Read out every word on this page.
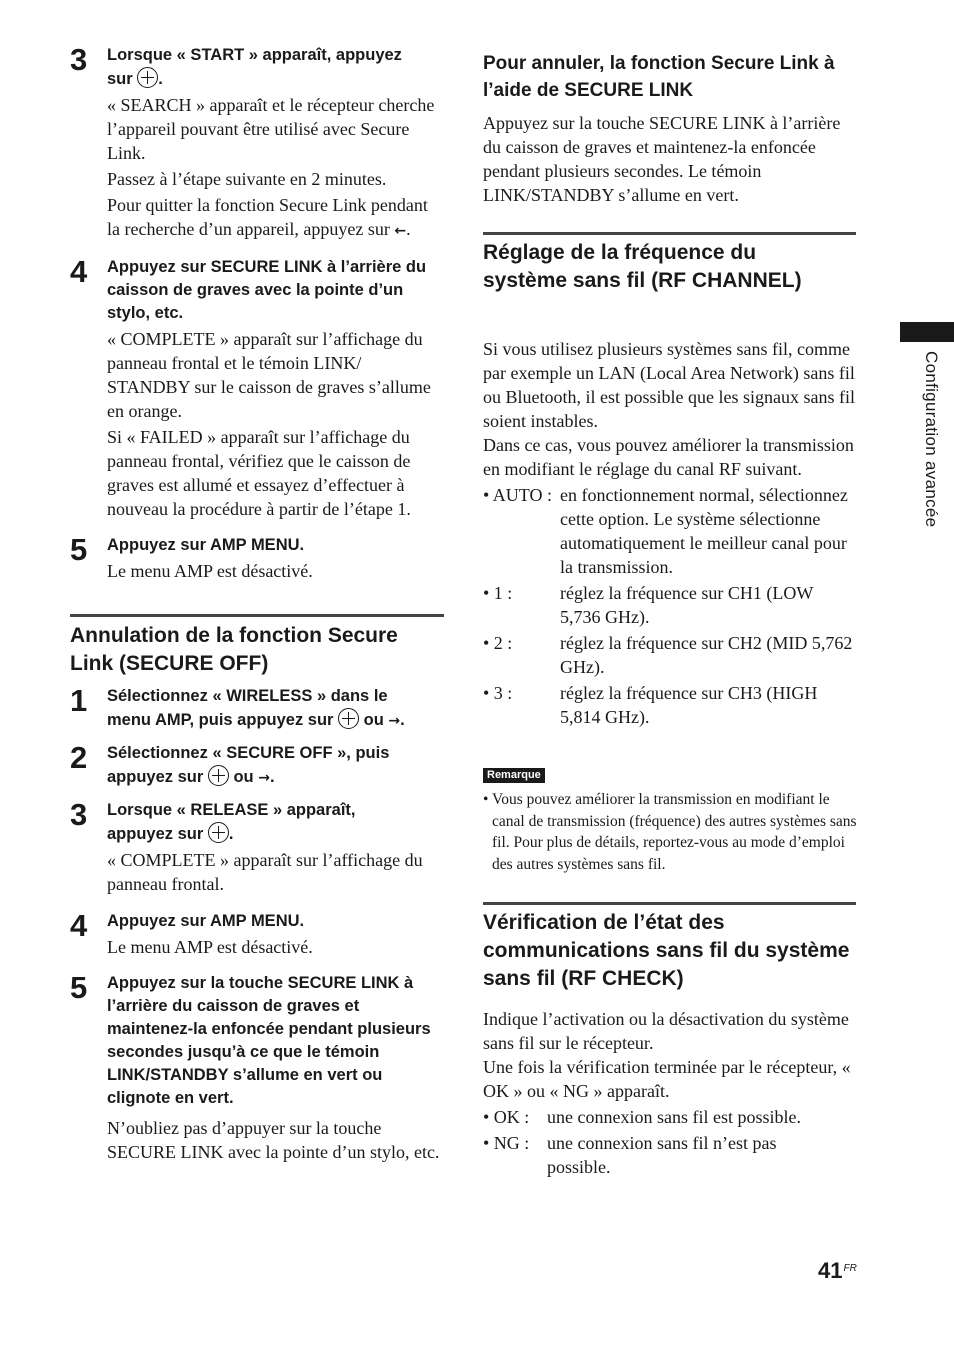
3 Lorsque « START » apparaît, appuyez
sur .

« SEARCH » apparaît et le récepteur cherche l’appareil pouvant être utilisé avec Secure Link.

Passez à l’étape suivante en 2 minutes.

Pour quitter la fonction Secure Link pendant la recherche d’un appareil, appuyez sur ←.

4 Appuyez sur SECURE LINK à l’arrière du caisson de graves avec la pointe d’un stylo, etc.

« COMPLETE » apparaît sur l’affichage du panneau frontal et le témoin LINK/ STANDBY sur le caisson de graves s’allume en orange.

Si « FAILED » apparaît sur l’affichage du panneau frontal, vérifiez que le caisson de graves est allumé et essayez d’effectuer à nouveau la procédure à partir de l’étape 1.

5 Appuyez sur AMP MENU.

Le menu AMP est désactivé.

Annulation de la fonction Secure Link (SECURE OFF)
1 Sélectionnez « WIRELESS » dans le
menu AMP, puis appuyez sur ou →.

2 Sélectionnez « SECURE OFF », puis
appuyez sur ou →.

3 Lorsque « RELEASE » apparaît,
appuyez sur .

« COMPLETE » apparaît sur l’affichage du panneau frontal.

4 Appuyez sur AMP MENU.

Le menu AMP est désactivé.

5 Appuyez sur la touche SECURE LINK à l’arrière du caisson de graves et maintenez-la enfoncée pendant plusieurs secondes jusqu’à ce que le témoin LINK/STANDBY s’allume en vert ou clignote en vert.

N’oubliez pas d’appuyer sur la touche SECURE LINK avec la pointe d’un stylo, etc.

Pour annuler, la fonction Secure Link à l’aide de SECURE LINK

Appuyez sur la touche SECURE LINK à l’arrière du caisson de graves et maintenez-la enfoncée pendant plusieurs secondes. Le témoin LINK/STANDBY s’allume en vert.

Réglage de la fréquence du système sans fil (RF CHANNEL)

Si vous utilisez plusieurs systèmes sans fil, comme par exemple un LAN (Local Area Network) sans fil ou Bluetooth, il est possible que les signaux sans fil soient instables.

Dans ce cas, vous pouvez améliorer la transmission en modifiant le réglage du canal RF suivant.

• AUTO : en fonctionnement normal, sélectionnez cette option. Le système sélectionne automatiquement le meilleur canal pour la transmission.
• 1 :	réglez la fréquence sur CH1 (LOW 5,736 GHz).
• 2 :	réglez la fréquence sur CH2 (MID 5,762 GHz).
• 3 :	réglez la fréquence sur CH3 (HIGH 5,814 GHz).
Remarque

• Vous pouvez améliorer la transmission en modifiant le canal de transmission (fréquence) des autres systèmes sans fil. Pour plus de détails, reportez-vous au mode d’emploi des autres systèmes sans fil.

Vérification de l’état des communications sans fil du système sans fil (RF CHECK)

Indique l’activation ou la désactivation du système sans fil sur le récepteur.

Une fois la vérification terminée par le récepteur, « OK » ou « NG » apparaît.

• OK : une connexion sans fil est possible.
• NG : une connexion sans fil n’est pas possible.
Configuration avancée
$41^{FR}$
